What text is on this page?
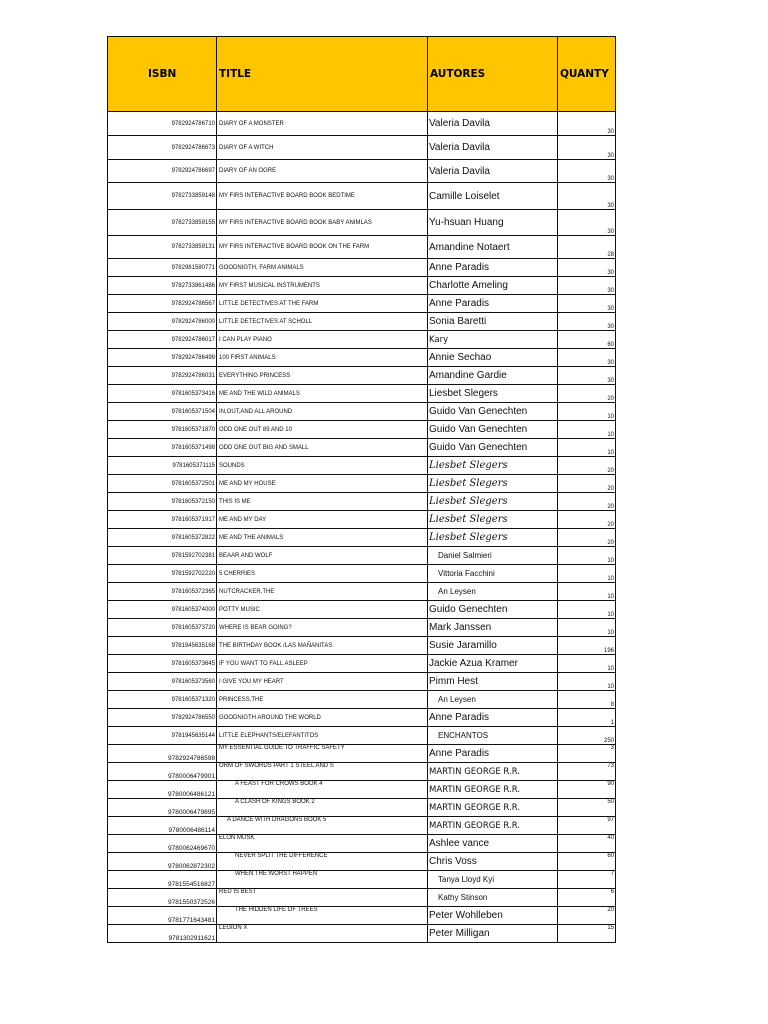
ISBN	TITLE	AUTORES	QUANTY
9782924786710	DIARY OF A MONSTER	Valeria Davila	30
9782924786673	DIARY OF A WITCH	Valeria Davila	30
9782924786697	DIARY OF AN OGRE	Valeria Davila	30
9782733859148	MY FIRS INTERACTIVE BOARD BOOK BEDTIME	Camille Loiselet	30
9782733859155	MY FIRS INTERACTIVE BOARD BOOK BABY ANIMLAS	Yu-hsuan Huang	30
9782733859131	MY FIRS INTERACTIVE BOARD BOOK ON THE FARM	Amandine Notaert	28
9782981580771	GOODNIGTH, FARM ANIMALS	Anne Paradis	30
9782733861486	MY FIRST MUSICAL INSTRUMENTS	Charlotte Ameling	30
9782924786567	LITTLE DETECTIVES AT THE FARM	Anne Paradis	30
9782924786000	LITTLE DETECTIVES AT SCHOLL	Sonia Baretti	30
9782924786017	I CAN PLAY PIANO	Kary	60
9782924786499	100 FIRST ANIMALS	Annie Sechao	30
9782924786031	EVERYTHING PRINCESS	Amandine Gardie	30
9781605373416	ME AND THE WILD ANIMALS	Liesbet Slegers	20
9781605371504	IN,OUT,AND ALL AROUND	Guido Van Genechten	10
9781605371870	ODD ONE OUT 89 AND 10	Guido Van Genechten	10
9781605371498	ODD ONE OUT BIG AND SMALL	Guido Van Genechten	10
9781605371115	SOUNDS	Liesbet Slegers	20
9781605372501	ME AND MY HOUSE	Liesbet Slegers	20
9781605372150	THIS IS ME	Liesbet Slegers	20
9781605371917	ME AND MY DAY	Liesbet Slegers	20
9781605372822	ME AND THE ANIMALS	Liesbet Slegers	20
9781592702381	BEAAR AND WOLF	Daniel Salmieri	10
9781592702220	5 CHERRIES	Vittoria Facchini	10
9781605372365	NUTCRACKER,THE	An Leysen	10
9781605374000	POTTY MUSIC	Guido Genechten	10
9781605373720	WHERE IS BEAR GOING?	Mark Janssen	10
9781945635168	THE BIRTHDAY BOOK /LAS MAÑANITAS	Susie Jaramillo	196
9781605373645	IF YOU WANT TO FALL ASLEEP	Jackie Azua Kramer	10
9781605373560	I GIVE YOU MY HEART	Pimm Hest	10
9781605371320	PRINCESS,THE	An Leysen	8
9782924786550	GOODNIGTH AROUND THE WORLD	Anne Paradis	1
9781945635144	LITTLE ELEPHANTS/ELEFANTITOS	ENCHANTOS	250
9782924786598	MY ESSENTIAL GUIDE TO TRAFFIC SAFETY	Anne Paradis	3
9780006479901	ORM OF SWORDS PART 1 STEEL AND S	MARTIN GEORGE R.R.	73
9780006486121	A FEAST FOR CROWS BOOK 4	MARTIN GEORGE R.R.	90
9780006479895	A CLASH OF KINGS BOOK 2	MARTIN GEORGE R.R.	50
9780006486114	A DANCE WITH DRAGONS BOOK 5	MARTIN GEORGE R.R.	97
9780062469670	ELON MUSK	Ashlee vance	40
9780062872302	NEVER SPLIT THE DIFFERENCE	Chris Voss	60
9781554516827	WHEN THE WORST HAPPEN	Tanya Lloyd Kyi	7
9781550372526	RED IS BEST	Kathy Stinson	6
9781771643481	THE HIDDEN LIFE OF TREES	Peter Wohlleben	20
9781302911621	LEGION X	Peter Milligan	15
